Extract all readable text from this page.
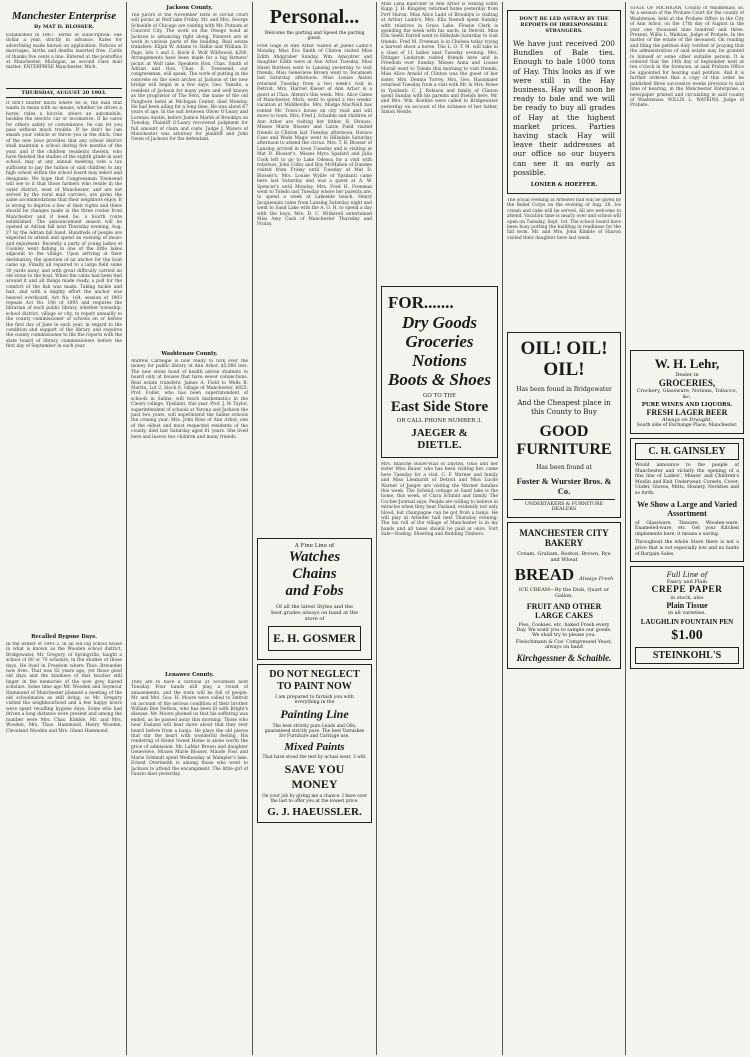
Manchester Enterprise
By MAT D. BLOSSER.

Established in 1867. Terms of subscription: one dollar a year, strictly in advance. Rates for advertising made known on application. Notices of marriages, births and deaths inserted free. Cards of thanks five cents a line. Entered at the postoffice at Manchester, Michigan, as second class mail matter. ENTERPRISE Manchester, Mich.

THURSDAY, AUGUST 20 1903.

It don't matter much where he is, the man that wants to mean with no means, whether he drives a horse, rides a bicycle, steers an automobile, buckles the electric car or locomotive. If he cares for others safety or convenience, he can let you pass without much trouble. If he don't he can smash your vehicle or throw you in the ditch. One of the new laws provides that any school district shall maintain a school during five months of the year, and if the children residents therein, who have finished the studies of the eighth grade in said school, may at any annual meeting vote a tax sufficient to pay the tuition of said children to any high school within the school board may select and designate. We hope that Congressman Townsend will see to it that those farmers who reside in the outer district, west of Manchester, and are not served by the rural mail carriers, are given the same accommodations that their neighbors enjoy. It is wrong to deprive a few of their rights and there should be changes made in the three routes from Manchester and if need be, a fourth route established. The announcement season will be opened at Adrian fall next Thursday evening, Aug. 27 by the Adrian fall band. Hundreds of people are expected to attend and spend an evening of music and enjoyment. Recently a party of young ladies of Coonley went fishing in one of the little lakes adjacent to the village. Upon arriving at their destination, the question of an anchor for the boat came up. Finally all repaired to a large field some 30 yards away, and with great difficulty carried an old stone to the boat. When the cable had been tied around it and all things made ready, a pull for the comfort of the fish was made. Taking tackle and bait, and with a mighty effort the anchor was heaved overboard. Act No. 164, session of 1903 repeals Act No. 196 of 1895 and requires the librarian of each public library, whether township, school district, village or city, to report annually to the county commissioner of schools on or before the first day of June in each year, in regard to the condition and support of the library and requires the county commissioner to file the reports with the state board of library commissioners before the first day of September in each year.

Recalled Bygone Days.

In the winter of 1841-2, in an old log school house in what is known as the Wooden school district, Bridgewater, Mr. Gregory, of Springville, taught a school of 60 or 70 scholars, in the studies of those days. He lived in Freedom where Thos. Breunden now lives. That was 62 years ago, yet those good old days and the kindness of that teacher still linger in the memories of the now grey haired scholars. Some time ago Mr. Wooden and Seymour Hammond of Manchester planned a meeting of the old schoolmates as still living, so Mr. Gregory visited the neighbourhood and a few happy hours were spent recalling bygone days. Some who had driven a long distance were present and among the number were Mrs. Chas. Kimble, Mr. and Mrs. Wooden, Mrs. Thos. Hammond, Henry Wooden, Cleveland Wooden and Mrs. Glenn Hammond.

Jackson County.

The jurors of the November term of circuit court will picnic at Wolf lake Friday. Mr. and Mrs. George Schaeble of Chicago are visiting with Mr. Putnam at Concord City. The work on the Otsego bond at Jackson is advancing right along. Painters are at work in various parts of the building. Real estate transfers: Elijah W. Adams to Hallie and William D. Page, lots 1 and 2, block 6, Wolf Wildwood, $200. Arrangements have been made for a big farmers' picnic at Wolf lake. Speakers Hon. Chas. Smith of Adrian and Hon. Chas. E. Townsend, our congressman, will speak. The work of putting in the concrete on the west arches at Jackson of the new bridge will begin in a few days. Geo. Vanzile, a resident of Jackson for many years and well known as the proprietor of The Fern, the name of the old Pangborn hotel at Michigan Center, died Monday. He had been ailing for a long time. He was about 67 years of age. In the suit between Oliver O'Leary and Lorenzo Austin, before Justice Marsh of Brooklyn on Tuesday, Plaintiff O'Leary recovered judgment for full amount of claim and costs. Judge J. Waters of Manchester was attorney for plaintiff and John Owen of Jackson for the defendant.

Washtenaw County.

Andrew Carnegie is now ready to fork over the money for public library at Ann Arbor, $5,000 less. The new stone bond of health advise students to board only at houses that have sewer connections. Real estate transfers: James A. Field to Wells R. Martin, Lot 2, block 6, village of Manchester, $825. Prof. Fuller, who has been superintendent of schools in Saline, will teach mathematics in the Cleary college, Ypsilanti, this year. Prof. J. W. Taylor, superintendent of schools at Yerona and Jackson the past two years, will superintend the Saline schools the coming year. Mrs. John Ross of Ann Arbor, one of the oldest and most respected residents of the county, died last Saturday aged 81 years. She lived here and leaves two children and many friends.

Lenawee County.

They are to have a carnival at Tecumseh next Tuesday. Four bands will play, a round of amusements, and the town will be full of people. Mr. and Mrs. Goo. H. Moore were called to Detroit on account of the serious condition of their brother William Ben Nethon, who has been ill with Bright's disease. Mr. Moore phoned us that his suffering was ended, as he passed away this morning. Those who hear Fasland will hear more about that they ever heard before from a banjo. He plays the old pieces that stir the heart with wonderful feeling. His rendering of Home Sweet Home is alone worth the price of admission. Mr. LaMar Brown and daughter Genevieve, Misses Marie Blosser, Maude Foss and Marie Schmidt spent Wednesday at Wampler's lake. Ernest Overmeith is among those who went to Jackson to attend the encampment. The little girl of Fausto died yesterday.

Personal...
Welcome the parting and Speed the parting guest.

Fred Gage of Ann Arbor visited at James Lamb's Monday. Miss Eva Smith of Clinton visited Miss Edith Ahdgraber Sunday. Wm. Amsydrer and daughter Edith were at Ann Arbor Tuesday. Miss Hazel Burtless went to Lansing yesterday to visit friends. Miss Genevieve Brown went to Tecumseh last Saturday afternoon. Miss Louise Alston returned Tuesday from a two week's visit in Detroit. Mrs. Harriet Kieser of Ann Arbor is a guest at Chas. Alston's this week. Mrs. Alice Gates of Manchester, Mich. went to spend a two weeks' vacation at Middleville. Mrs. Madge MacNeill has rented Mr. Town's house on city road and will move to town. Mrs. Fred J. Schaible and children of Ann Arbor are visiting her father, B. Strauss. Misses Marie Blosser and Lizzie Field visited friends in Clinton last Tuesday afternoon. Horace Case and Wade Magic went to Hillsdale Saturday afternoon to attend the circus. Mrs. T. B. Blosser of Lansing arrived in town Tuesday and is visiting at Mat D. Blosser's. Misses Myra Spafard and Julia Cook left to go to Lake Odessa for a visit with relatives. John Colby and Roy McMahon of Dundee visited from Friday until Tuesday at Mat D. Blosser's. Mrs. Louise Wylde of Ypsilanti came here last Saturday and was a guest at A. W. Spencer's until Monday. Mrs. Fred H. Freeman went to Toledo last Tuesday where her parents are, to spend a week at Lakeside beach. Henry Jacquemain came from Lansing Saturday night and went to Sand Lake with the A. O. H. to spend a day with the boys. Mrs. D. C. Witherell entertained Miss Amy Cash of Manchester Thursday and Friday.

A Fine Line of
Watches
Chains
and Fobs
Of all the latest Styles and the best grades always on hand at the store of
E. H. GOSMER
DO NOT NEGLECT TO PAINT NOW
I am prepared to furnish you with everything in the
Painting Line
The best strictly pure Leads and Oils, guaranteed strictly pure. The best Varnishes for Furniture and Carriage use.
Mixed Paints
That have stood the test by actual wear, 3 will.
SAVE YOU MONEY
On your job by giving me a chance. I have over the last to offer you at the lowest price.
G. J. HAEUSSLER.

Miss Lena Kaercher of Ann Arbor is visiting Edith Kapp. J. H. Kingsley returned home yesterday from Fort Huron. Miss Alice Ladd of Brooklyn is visiting at Arthur Lamb's. Mrs. Ella Nestell spent Sunday with relatives in Grass Lake. Flossie Clark is spending the week with his uncle, in Detroit. Miss Ella Seeth Farrell went to Hillsdale Saturday to visit friends. Fred M. Freeman is in Chelsea today trying a harvest shoot a horse. The L. O. T. M. will take in a class of 11 ladies next Tuesday evening. Mrs. Ettinger Lindsrom visited friends here and in Freedom over Sunday. Misses Anna and Louise Morall went to Toledo this morning to visit friends. Miss Alice Arnold of Clinton was the guest of her sister, Mrs. Dennis Torrey. Mrs. Geo. Hausmaier returned Tuesday from a visit with Mr. & Mrs. Rowe in Ypsilanti. C. J. Robison and family of Clinton spent Sunday with his parents and friends here. Mr. and Mrs. Wm. Koebbe were called to Bridgewater yesterday on account of the sickness of her father, Simon Nestle.

FOR.......
Dry Goods
Groceries
Notions
Boots & Shoes
GO TO THE
East Side Store
OR CALL PHONE NUMBER 3.
JAEGER & DIETLE.

Mrs. Blanche Bauer-Hall of Dayton, Ohio and her sister Miss Bauer, who has been visiting her, came here Tuesday for a visit. C. F. Warner and family and Miss Lienhardt of Detroit and Miss Lucile Warner of Jaeger are visiting the Warner families this week. The Schmid cottage at Sand lake is the home, this week, of Clara Schmid and family. The Coctier-Journal says: People are willing to believe in miracles when they hear Fasland, evidently not only blood, but champagne can be got from a banjo. He will play at Arbeiter hall next Thursday evening. The tax roll of the village of Manchester is in my hands and all taxes should be paid at once. Fort Sale—Roding, Sheeting and Building Timbers.

DON'T BE LED ASTRAY BY THE REPORTS OF IRRESPONSIBLE STRANGERS.
We have just received 200 Bundles of Bale ties. Enough to bale 1000 tons of Hay. This looks as if we were still in the Hay business. Hay will soon be ready to bale and we will be ready to buy all grades of Hay at the highest market prices. Parties having stack Hay will leave their addresses at our office so our buyers can see it as early as possible.
LONIER & HOEFFER.

The social evening at Arbeiter hall will be given by the Relief Corps on the evening of Aug. 28. Ice cream and cake will be served. All are welcome to attend. Vacation time is nearly over and school will open on Tuesday, Sept. 1st. The school board have been busy putting the building in readiness for the fall term. Mr. and Mrs. John Kimble of Sharon visited their daughter here last week.

OIL! OIL! OIL!
Has been found in Bridgewater
And the Cheapest place in this County to Buy
GOOD FURNITURE
Has been found at
Foster & Wurster Bros. & Co.
UNDERTAKERS & FURNITURE DEALERS
MANCHESTER CITY BAKERY
Cream, Graham, Boston, Brown, Rye and Wheat
BREAD Always Fresh
ICE CREAM—By the Dish, Quart or Gallon.
FRUIT AND OTHER LARGE CAKES
Pies, Cookies, etc. baked Fresh every Day. We want you to sample our goods. We shall try to please you.
Fleischmann & Cos' Compressed Yeast, always on hand
Kirchgessner & Schaible.

STATE OF MICHIGAN, County of Washtenaw, ss. At a session of the Probate Court for the county of Washtenaw, held at the Probate Office in the City of Ann Arbor, on the 17th day of August in the year one thousand nine hundred and three. Present, Willis L. Watkins, Judge of Probate. In the matter of the estate of the deceased. On reading and filing the petition duly verified of praying that the administration of said estate may be granted to himself or some other suitable person. It is ordered that the 14th day of September next at ten o'clock in the forenoon, at said Probate Office be appointed for hearing said petition. And it is further ordered that a copy of this order be published three successive weeks previous to said time of hearing, in the Manchester Enterprise, a newspaper printed and circulating in said county of Washtenaw. WILLIS L. WATKINS, Judge of Probate.

W. H. Lehr,
Dealer in
GROCERIES,
Crockery, Glassware, Notions, Tobacco, &c.
PURE WINES AND LIQUORS.
FRESH LAGER BEER
Always on Draught.
South side of Exchange Place, Manchester.
C. H. GAINSLEY
Would announce to the people of Manchester and vicinity the opening of a fine line of Ladies', Misses' and Children's Muslin and Knit Underwear, Corsets, Cover, Under, Gloves, Mitts, Hosiery, Neckties and so forth.
We Show a Large and Varied Assortment
of Glassware, Tinware, Wooden-ware, Enameled-ware, etc. Get your Kitchen implements here, it means a saving.
Throughout the whole Store there is not a price that is not especially low and no hunts of Bargain Sales.
Full Line of
Fancy and Plain
CREPE PAPER
in stock, also
Plain Tissue
in all varieties.
LAUGHLIN FOUNTAIN PEN
$1.00
STEINKOHL'S
